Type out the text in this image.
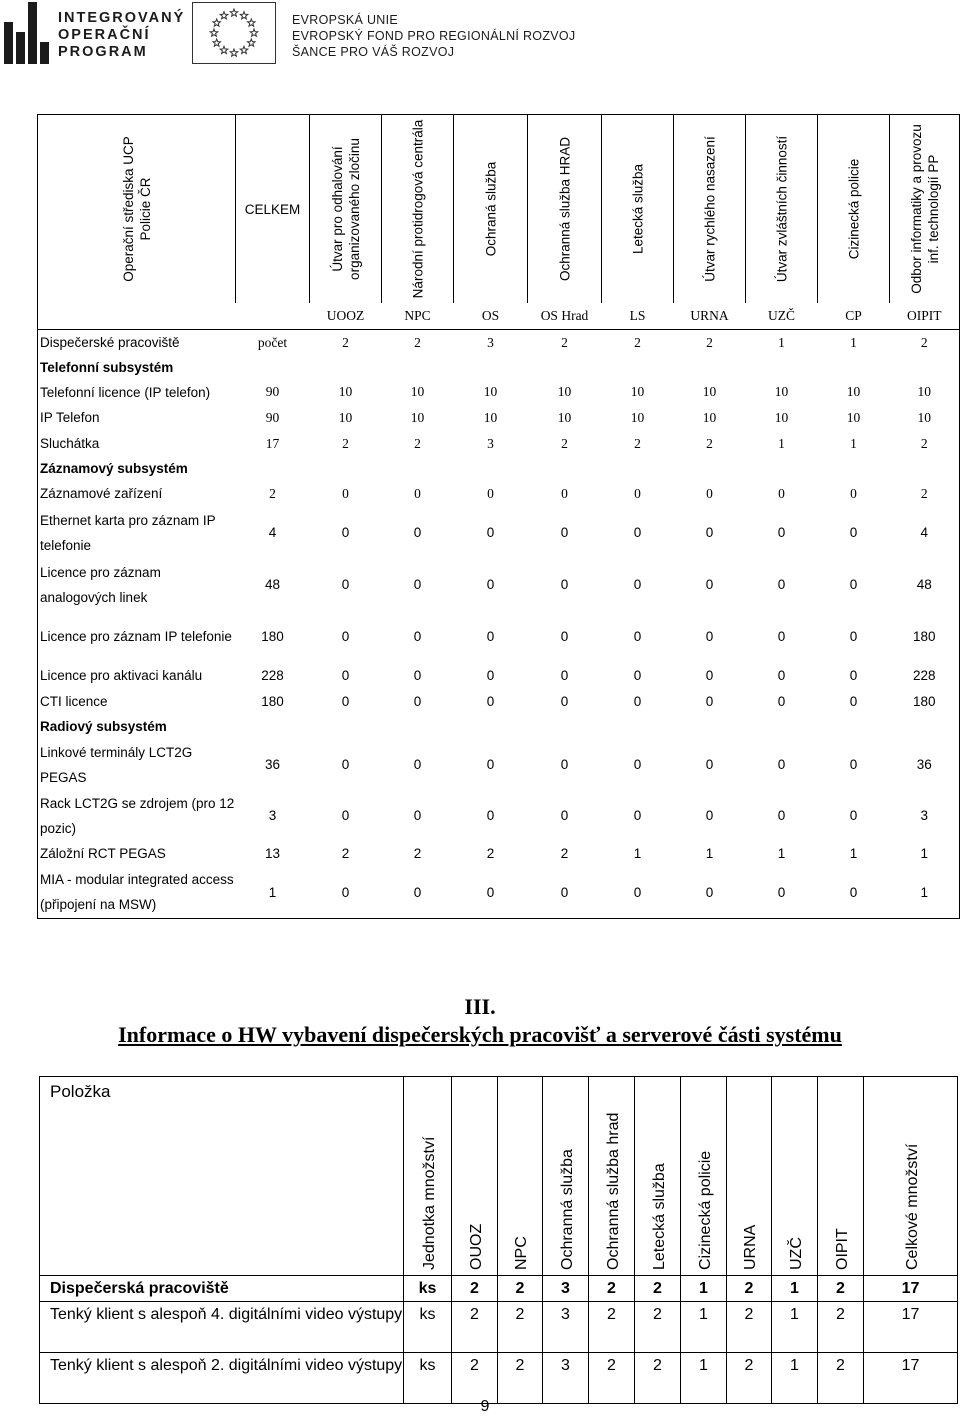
INTEGROVANÝ
OPERAČNÍ
PROGRAM
EVROPSKÁ UNIE
EVROPSKÝ FOND PRO REGIONÁLNÍ ROZVOJ
ŠANCE PRO VÁŠ ROZVOJ
Operační střediska UCP Policie ČR	CELKEM	Útvar pro odhalování organizovaného zločinu	Národní protidrogová centrála	Ochraná služba	Ochranná služba HRAD	Letecká služba	Útvar rychlého nasazení	Útvar zvláštních činností	Cizinecká policie	Odbor informatiky a provozu inf. technologií PP

		UOOZ	NPC	OS	OS Hrad	LS	URNA	UZČ	CP	OIPIT
Dispečerské pracoviště	počet	2	2	3	2	2	2	1	1	2
Telefonní subsystém										
Telefonní licence (IP telefon)	90	10	10	10	10	10	10	10	10	10
IP Telefon	90	10	10	10	10	10	10	10	10	10
Sluchátka	17	2	2	3	2	2	2	1	1	2
Záznamový subsystém										
Záznamové zařízení	2	0	0	0	0	0	0	0	0	2
Ethernet karta pro záznam IP telefonie	4	0	0	0	0	0	0	0	0	4
Licence pro záznam analogových linek	48	0	0	0	0	0	0	0	0	48
Licence pro záznam IP telefonie	180	0	0	0	0	0	0	0	0	180
Licence pro aktivaci kanálu	228	0	0	0	0	0	0	0	0	228
CTI licence	180	0	0	0	0	0	0	0	0	180
Radiový subsystém										
Linkové terminály LCT2G PEGAS	36	0	0	0	0	0	0	0	0	36
Rack LCT2G se zdrojem (pro 12 pozic)	3	0	0	0	0	0	0	0	0	3
Záložní RCT PEGAS	13	2	2	2	2	1	1	1	1	1
MIA - modular integrated access (připojení na MSW)	1	0	0	0	0	0	0	0	0	1
III.
Informace o HW vybavení dispečerských pracovišť a serverové části systému
Položka	Jednotka množství	OUOZ	NPC	Ochranná služba	Ochranná služba hrad	Letecká služba	Cizinecká policie	URNA	UZČ	OIPIT	Celkové množství

Dispečerská pracoviště	ks	2	2	3	2	2	1	2	1	2	17
Tenký klient s alespoň 4. digitálními video výstupy	ks	2	2	3	2	2	1	2	1	2	17
Tenký klient s alespoň 2. digitálními video výstupy	ks	2	2	3	2	2	1	2	1	2	17
9
